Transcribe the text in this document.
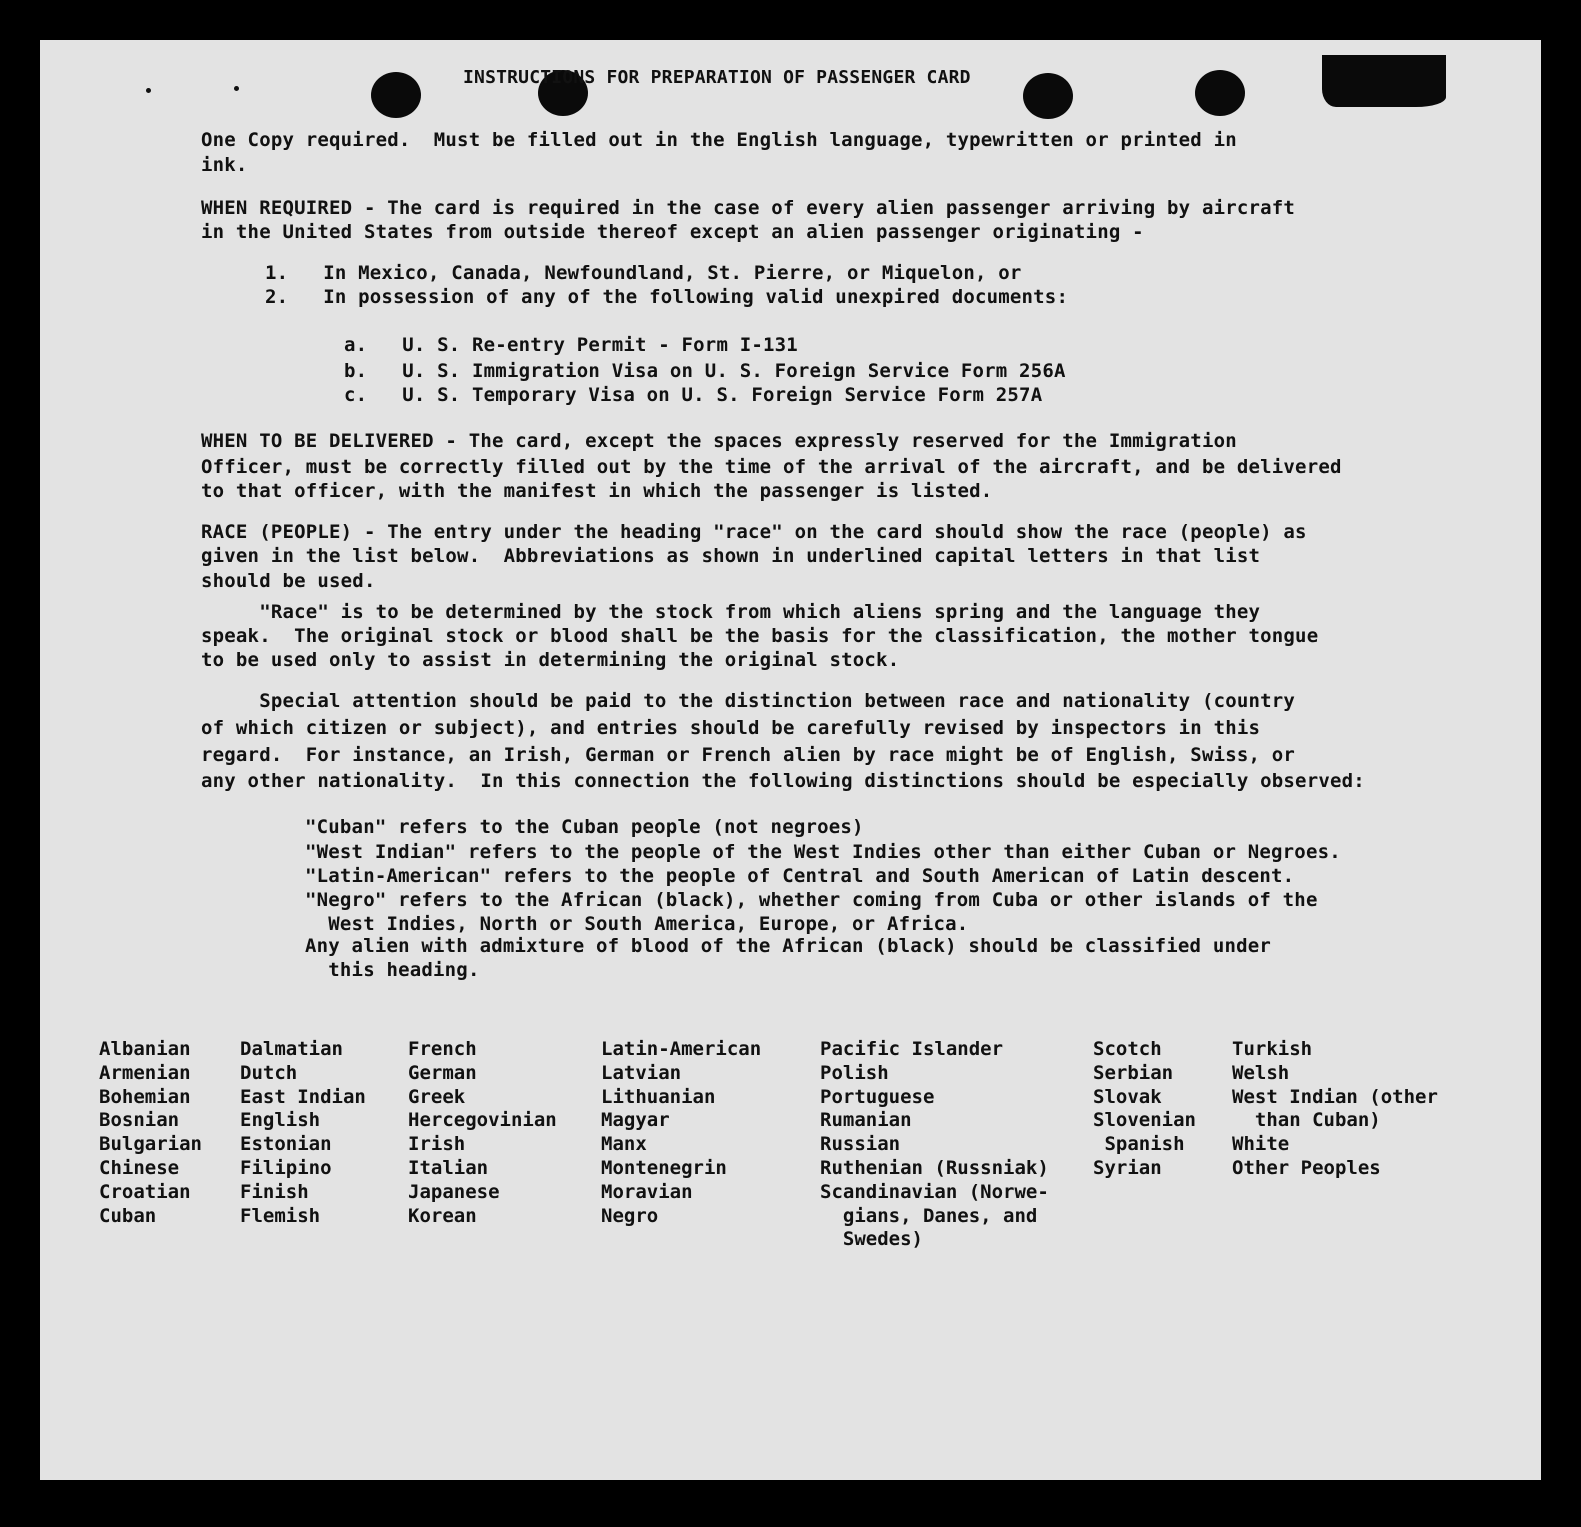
INSTRUCTIONS FOR PREPARATION OF PASSENGER CARD
One Copy required.  Must be filled out in the English language, typewritten or printed in
ink.
WHEN REQUIRED - The card is required in the case of every alien passenger arriving by aircraft
in the United States from outside thereof except an alien passenger originating -
1.   In Mexico, Canada, Newfoundland, St. Pierre, or Miquelon, or
2.   In possession of any of the following valid unexpired documents:
a.   U. S. Re-entry Permit - Form I-131
b.   U. S. Immigration Visa on U. S. Foreign Service Form 256A
c.   U. S. Temporary Visa on U. S. Foreign Service Form 257A
WHEN TO BE DELIVERED - The card, except the spaces expressly reserved for the Immigration
Officer, must be correctly filled out by the time of the arrival of the aircraft, and be delivered
to that officer, with the manifest in which the passenger is listed.
RACE (PEOPLE) - The entry under the heading "race" on the card should show the race (people) as
given in the list below.  Abbreviations as shown in underlined capital letters in that list
should be used.
"Race" is to be determined by the stock from which aliens spring and the language they
speak.  The original stock or blood shall be the basis for the classification, the mother tongue
to be used only to assist in determining the original stock.
Special attention should be paid to the distinction between race and nationality (country
of which citizen or subject), and entries should be carefully revised by inspectors in this
regard.  For instance, an Irish, German or French alien by race might be of English, Swiss, or
any other nationality.  In this connection the following distinctions should be especially observed:
"Cuban" refers to the Cuban people (not negroes)
"West Indian" refers to the people of the West Indies other than either Cuban or Negroes.
"Latin-American" refers to the people of Central and South American of Latin descent.
"Negro" refers to the African (black), whether coming from Cuba or other islands of the
West Indies, North or South America, Europe, or Africa.
Any alien with admixture of blood of the African (black) should be classified under
this heading.
Albanian
Armenian
Bohemian
Bosnian
Bulgarian
Chinese
Croatian
Cuban
Dalmatian
Dutch
East Indian
English
Estonian
Filipino
Finish
Flemish
French
German
Greek
Hercegovinian
Irish
Italian
Japanese
Korean
Latin-American
Latvian
Lithuanian
Magyar
Manx
Montenegrin
Moravian
Negro
Pacific Islander
Polish
Portuguese
Rumanian
Russian
Ruthenian (Russniak)
Scandinavian (Norwe-
gians, Danes, and
Swedes)
Scotch
Serbian
Slovak
Slovenian
Spanish
Syrian
Turkish
Welsh
West Indian (other
than Cuban)
White
Other Peoples
